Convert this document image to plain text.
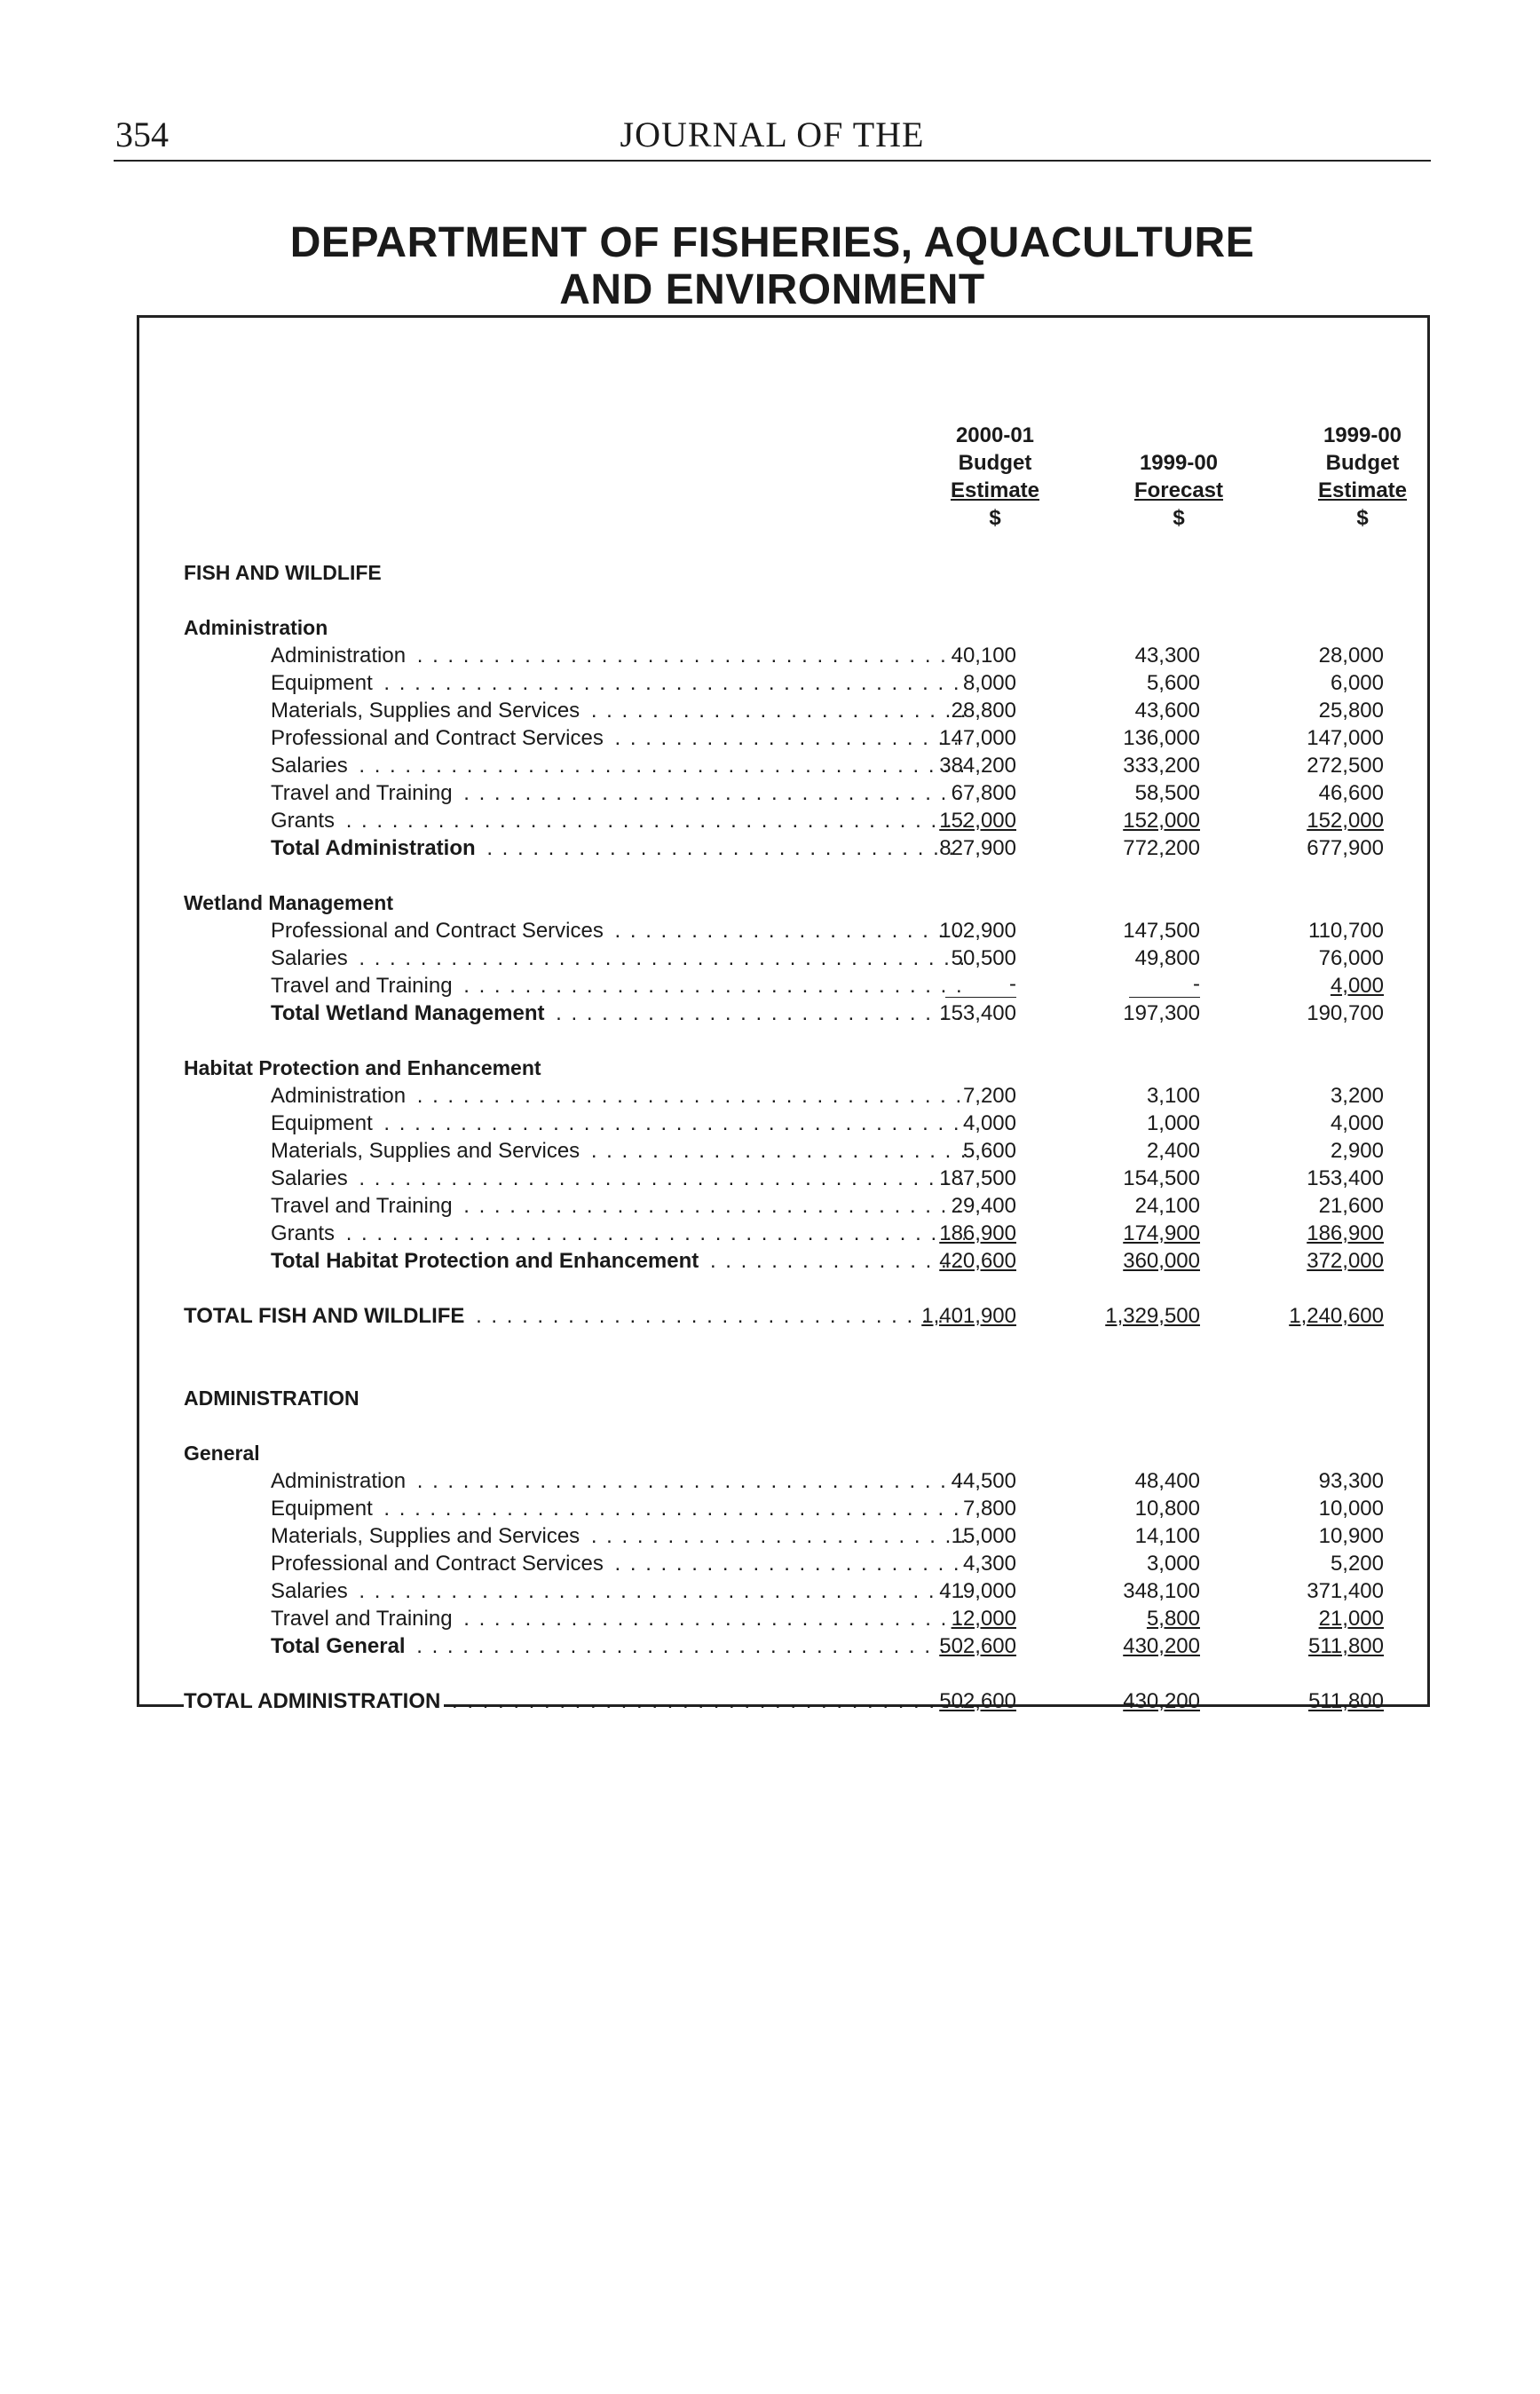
354	JOURNAL OF THE
DEPARTMENT OF FISHERIES, AQUACULTURE
AND ENVIRONMENT
2000-01
Budget
Estimate
$

1999-00
Forecast
$
1999-00
Budget
Estimate
$
FISH AND WILDLIFE
Administration
Administration . . .	40,100	43,300	28,000
Equipment . . .	8,000	5,600	6,000
Materials, Supplies and Services . . .	28,800	43,600	25,800
Professional and Contract Services . . .	147,000	136,000	147,000
Salaries . . .	384,200	333,200	272,500
Travel and Training . . .	67,800	58,500	46,600
Grants . . .	152,000	152,000	152,000
Total Administration . . .	827,900	772,200	677,900
Wetland Management
Professional and Contract Services . . .	102,900	147,500	110,700
Salaries . . .	50,500	49,800	76,000
Travel and Training . . .	-	-	4,000
Total Wetland Management . . .	153,400	197,300	190,700
Habitat Protection and Enhancement
Administration . . .	7,200	3,100	3,200
Equipment . . .	4,000	1,000	4,000
Materials, Supplies and Services . . .	5,600	2,400	2,900
Salaries . . .	187,500	154,500	153,400
Travel and Training . . .	29,400	24,100	21,600
Grants . . .	186,900	174,900	186,900
Total Habitat Protection and Enhancement . . .	420,600	360,000	372,000
TOTAL FISH AND WILDLIFE . . .	1,401,900	1,329,500	1,240,600
ADMINISTRATION
General
Administration . . .	44,500	48,400	93,300
Equipment . . .	7,800	10,800	10,000
Materials, Supplies and Services . . .	15,000	14,100	10,900
Professional and Contract Services . . .	4,300	3,000	5,200
Salaries . . .	419,000	348,100	371,400
Travel and Training . . .	12,000	5,800	21,000
Total General . . .	502,600	430,200	511,800
TOTAL ADMINISTRATION . . .	502,600	430,200	511,800
